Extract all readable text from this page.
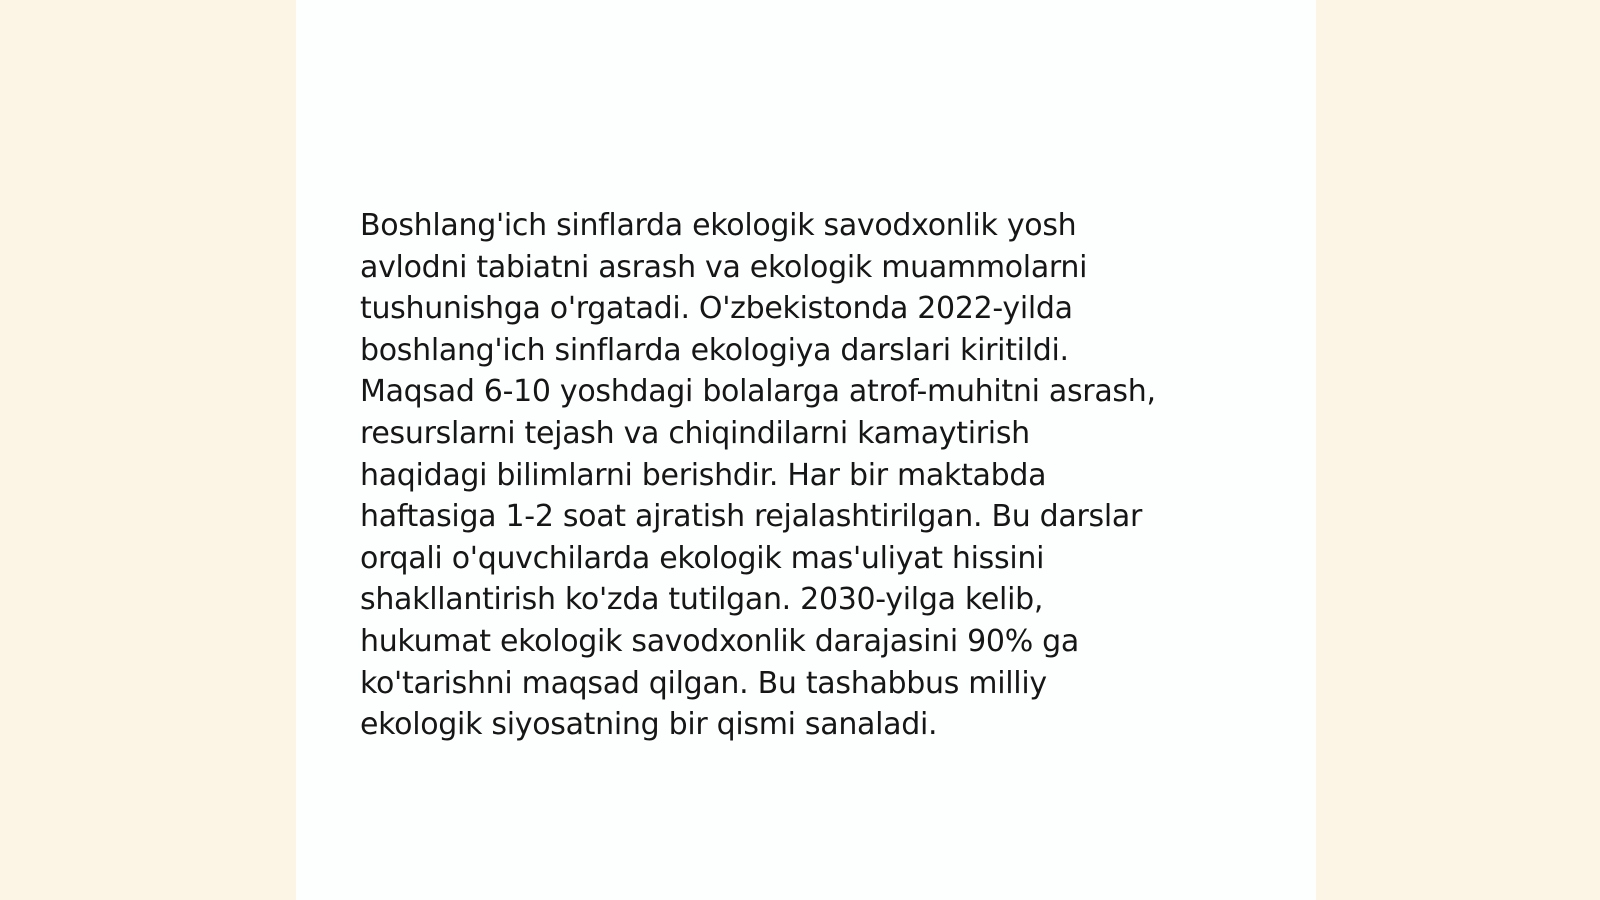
Boshlang'ich sinflarda ekologik savodxonlik yosh
avlodni tabiatni asrash va ekologik muammolarni
tushunishga o'rgatadi. O'zbekistonda 2022-yilda
boshlang'ich sinflarda ekologiya darslari kiritildi.
Maqsad 6-10 yoshdagi bolalarga atrof-muhitni asrash,
resurslarni tejash va chiqindilarni kamaytirish
haqidagi bilimlarni berishdir. Har bir maktabda
haftasiga 1-2 soat ajratish rejalashtirilgan. Bu darslar
orqali o'quvchilarda ekologik mas'uliyat hissini
shakllantirish ko'zda tutilgan. 2030-yilga kelib,
hukumat ekologik savodxonlik darajasini 90% ga
ko'tarishni maqsad qilgan. Bu tashabbus milliy
ekologik siyosatning bir qismi sanaladi.
